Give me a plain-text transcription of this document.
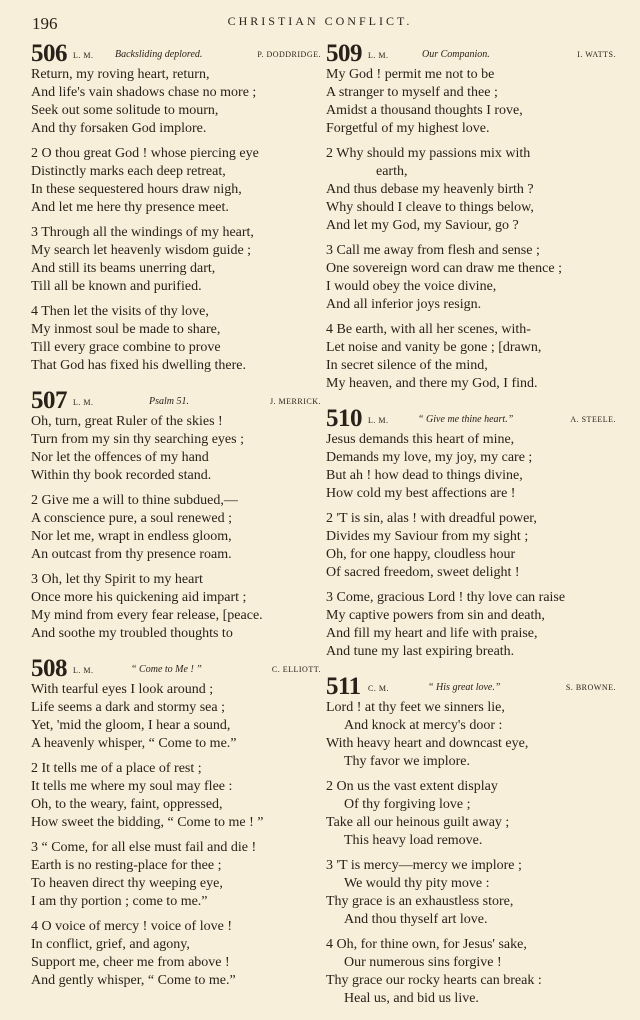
196	CHRISTIAN CONFLICT.
506 L. M. Backsliding deplored.	P. DODDRIDGE.
Return, my roving heart, return,
And life's vain shadows chase no more ;
Seek out some solitude to mourn,
And thy forsaken God implore.
2 O thou great God ! whose piercing eye
Distinctly marks each deep retreat,
In these sequestered hours draw nigh,
And let me here thy presence meet.
3 Through all the windings of my heart,
My search let heavenly wisdom guide ;
And still its beams unerring dart,
Till all be known and purified.
4 Then let the visits of thy love,
My inmost soul be made to share,
Till every grace combine to prove
That God has fixed his dwelling there.
507 L. M.	Psalm 51.	J. MERRICK.
Oh, turn, great Ruler of the skies !
Turn from my sin thy searching eyes ;
Nor let the offences of my hand
Within thy book recorded stand.
2 Give me a will to thine subdued,—
A conscience pure, a soul renewed ;
Nor let me, wrapt in endless gloom,
An outcast from thy presence roam.
3 Oh, let thy Spirit to my heart
Once more his quickening aid impart ;
My mind from every fear release, [peace.
And soothe my troubled thoughts to
508 L. M.	“ Come to Me ! ”	C. ELLIOTT.
With tearful eyes I look around ;
Life seems a dark and stormy sea ;
Yet, 'mid the gloom, I hear a sound,
A heavenly whisper, “ Come to me.”
2 It tells me of a place of rest ;
It tells me where my soul may flee :
Oh, to the weary, faint, oppressed,
How sweet the bidding, “ Come to me ! ”
3 “ Come, for all else must fail and die !
Earth is no resting-place for thee ;
To heaven direct thy weeping eye,
I am thy portion ; come to me.”
4 O voice of mercy ! voice of love !
In conflict, grief, and agony,
Support me, cheer me from above !
And gently whisper, “ Come to me.”
509 L. M.	Our Companion.	I. WATTS.
My God ! permit me not to be
A stranger to myself and thee ;
Amidst a thousand thoughts I rove,
Forgetful of my highest love.
2 Why should my passions mix with
earth,
And thus debase my heavenly birth ?
Why should I cleave to things below,
And let my God, my Saviour, go ?
3 Call me away from flesh and sense ;
One sovereign word can draw me thence ;
I would obey the voice divine,
And all inferior joys resign.
4 Be earth, with all her scenes, with-
Let noise and vanity be gone ; [drawn,
In secret silence of the mind,
My heaven, and there my God, I find.
510 L. M.	“ Give me thine heart.”	A. STEELE.
Jesus demands this heart of mine,
Demands my love, my joy, my care ;
But ah ! how dead to things divine,
How cold my best affections are !
2 'T is sin, alas ! with dreadful power,
Divides my Saviour from my sight ;
Oh, for one happy, cloudless hour
Of sacred freedom, sweet delight !
3 Come, gracious Lord ! thy love can raise
My captive powers from sin and death,
And fill my heart and life with praise,
And tune my last expiring breath.
511 C. M.	“ His great love.”	S. BROWNE.
Lord ! at thy feet we sinners lie,
And knock at mercy's door :
With heavy heart and downcast eye,
Thy favor we implore.
2 On us the vast extent display
Of thy forgiving love ;
Take all our heinous guilt away ;
This heavy load remove.
3 'T is mercy—mercy we implore ;
We would thy pity move :
Thy grace is an exhaustless store,
And thou thyself art love.
4 Oh, for thine own, for Jesus' sake,
Our numerous sins forgive !
Thy grace our rocky hearts can break :
Heal us, and bid us live.
